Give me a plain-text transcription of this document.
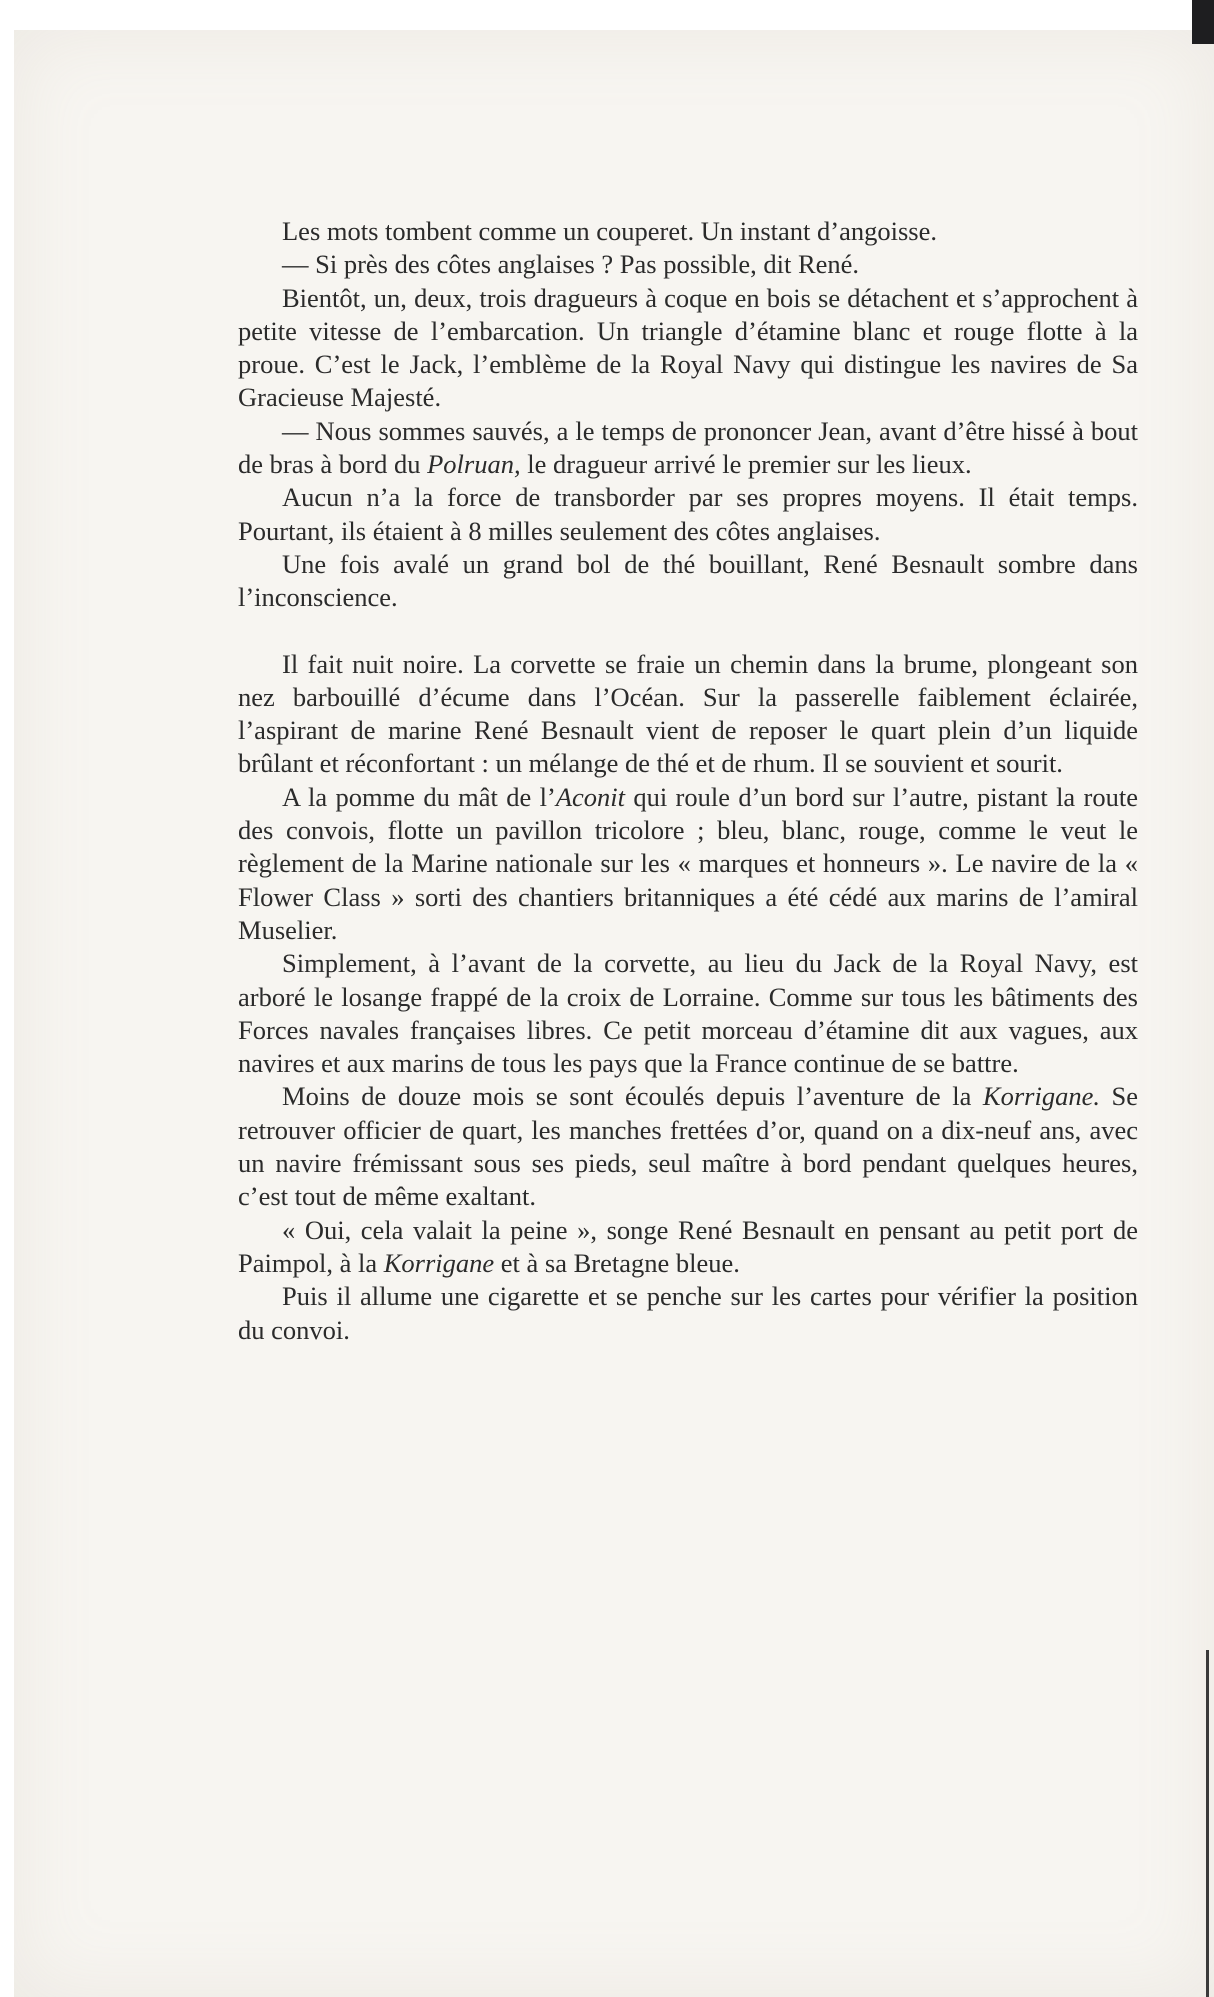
Les mots tombent comme un couperet. Un instant d’angoisse.

— Si près des côtes anglaises ? Pas possible, dit René.

Bientôt, un, deux, trois dragueurs à coque en bois se détachent et s’approchent à petite vitesse de l’embarcation. Un triangle d’étamine blanc et rouge flotte à la proue. C’est le Jack, l’emblème de la Royal Navy qui distingue les navires de Sa Gracieuse Majesté.

— Nous sommes sauvés, a le temps de prononcer Jean, avant d’être hissé à bout de bras à bord du Polruan, le dragueur arrivé le premier sur les lieux.

Aucun n’a la force de transborder par ses propres moyens. Il était temps. Pourtant, ils étaient à 8 milles seulement des côtes anglaises.

Une fois avalé un grand bol de thé bouillant, René Besnault sombre dans l’inconscience.

Il fait nuit noire. La corvette se fraie un chemin dans la brume, plongeant son nez barbouillé d’écume dans l’Océan. Sur la passerelle faiblement éclairée, l’aspirant de marine René Besnault vient de reposer le quart plein d’un liquide brûlant et réconfortant : un mélange de thé et de rhum. Il se souvient et sourit.

A la pomme du mât de l’Aconit qui roule d’un bord sur l’autre, pistant la route des convois, flotte un pavillon tricolore ; bleu, blanc, rouge, comme le veut le règlement de la Marine nationale sur les « marques et honneurs ». Le navire de la « Flower Class » sorti des chantiers britanniques a été cédé aux marins de l’amiral Muselier.

Simplement, à l’avant de la corvette, au lieu du Jack de la Royal Navy, est arboré le losange frappé de la croix de Lorraine. Comme sur tous les bâtiments des Forces navales françaises libres. Ce petit morceau d’étamine dit aux vagues, aux navires et aux marins de tous les pays que la France continue de se battre.

Moins de douze mois se sont écoulés depuis l’aventure de la Korrigane. Se retrouver officier de quart, les manches frettées d’or, quand on a dix-neuf ans, avec un navire frémissant sous ses pieds, seul maître à bord pendant quelques heures, c’est tout de même exaltant.

« Oui, cela valait la peine », songe René Besnault en pensant au petit port de Paimpol, à la Korrigane et à sa Bretagne bleue.

Puis il allume une cigarette et se penche sur les cartes pour vérifier la position du convoi.
